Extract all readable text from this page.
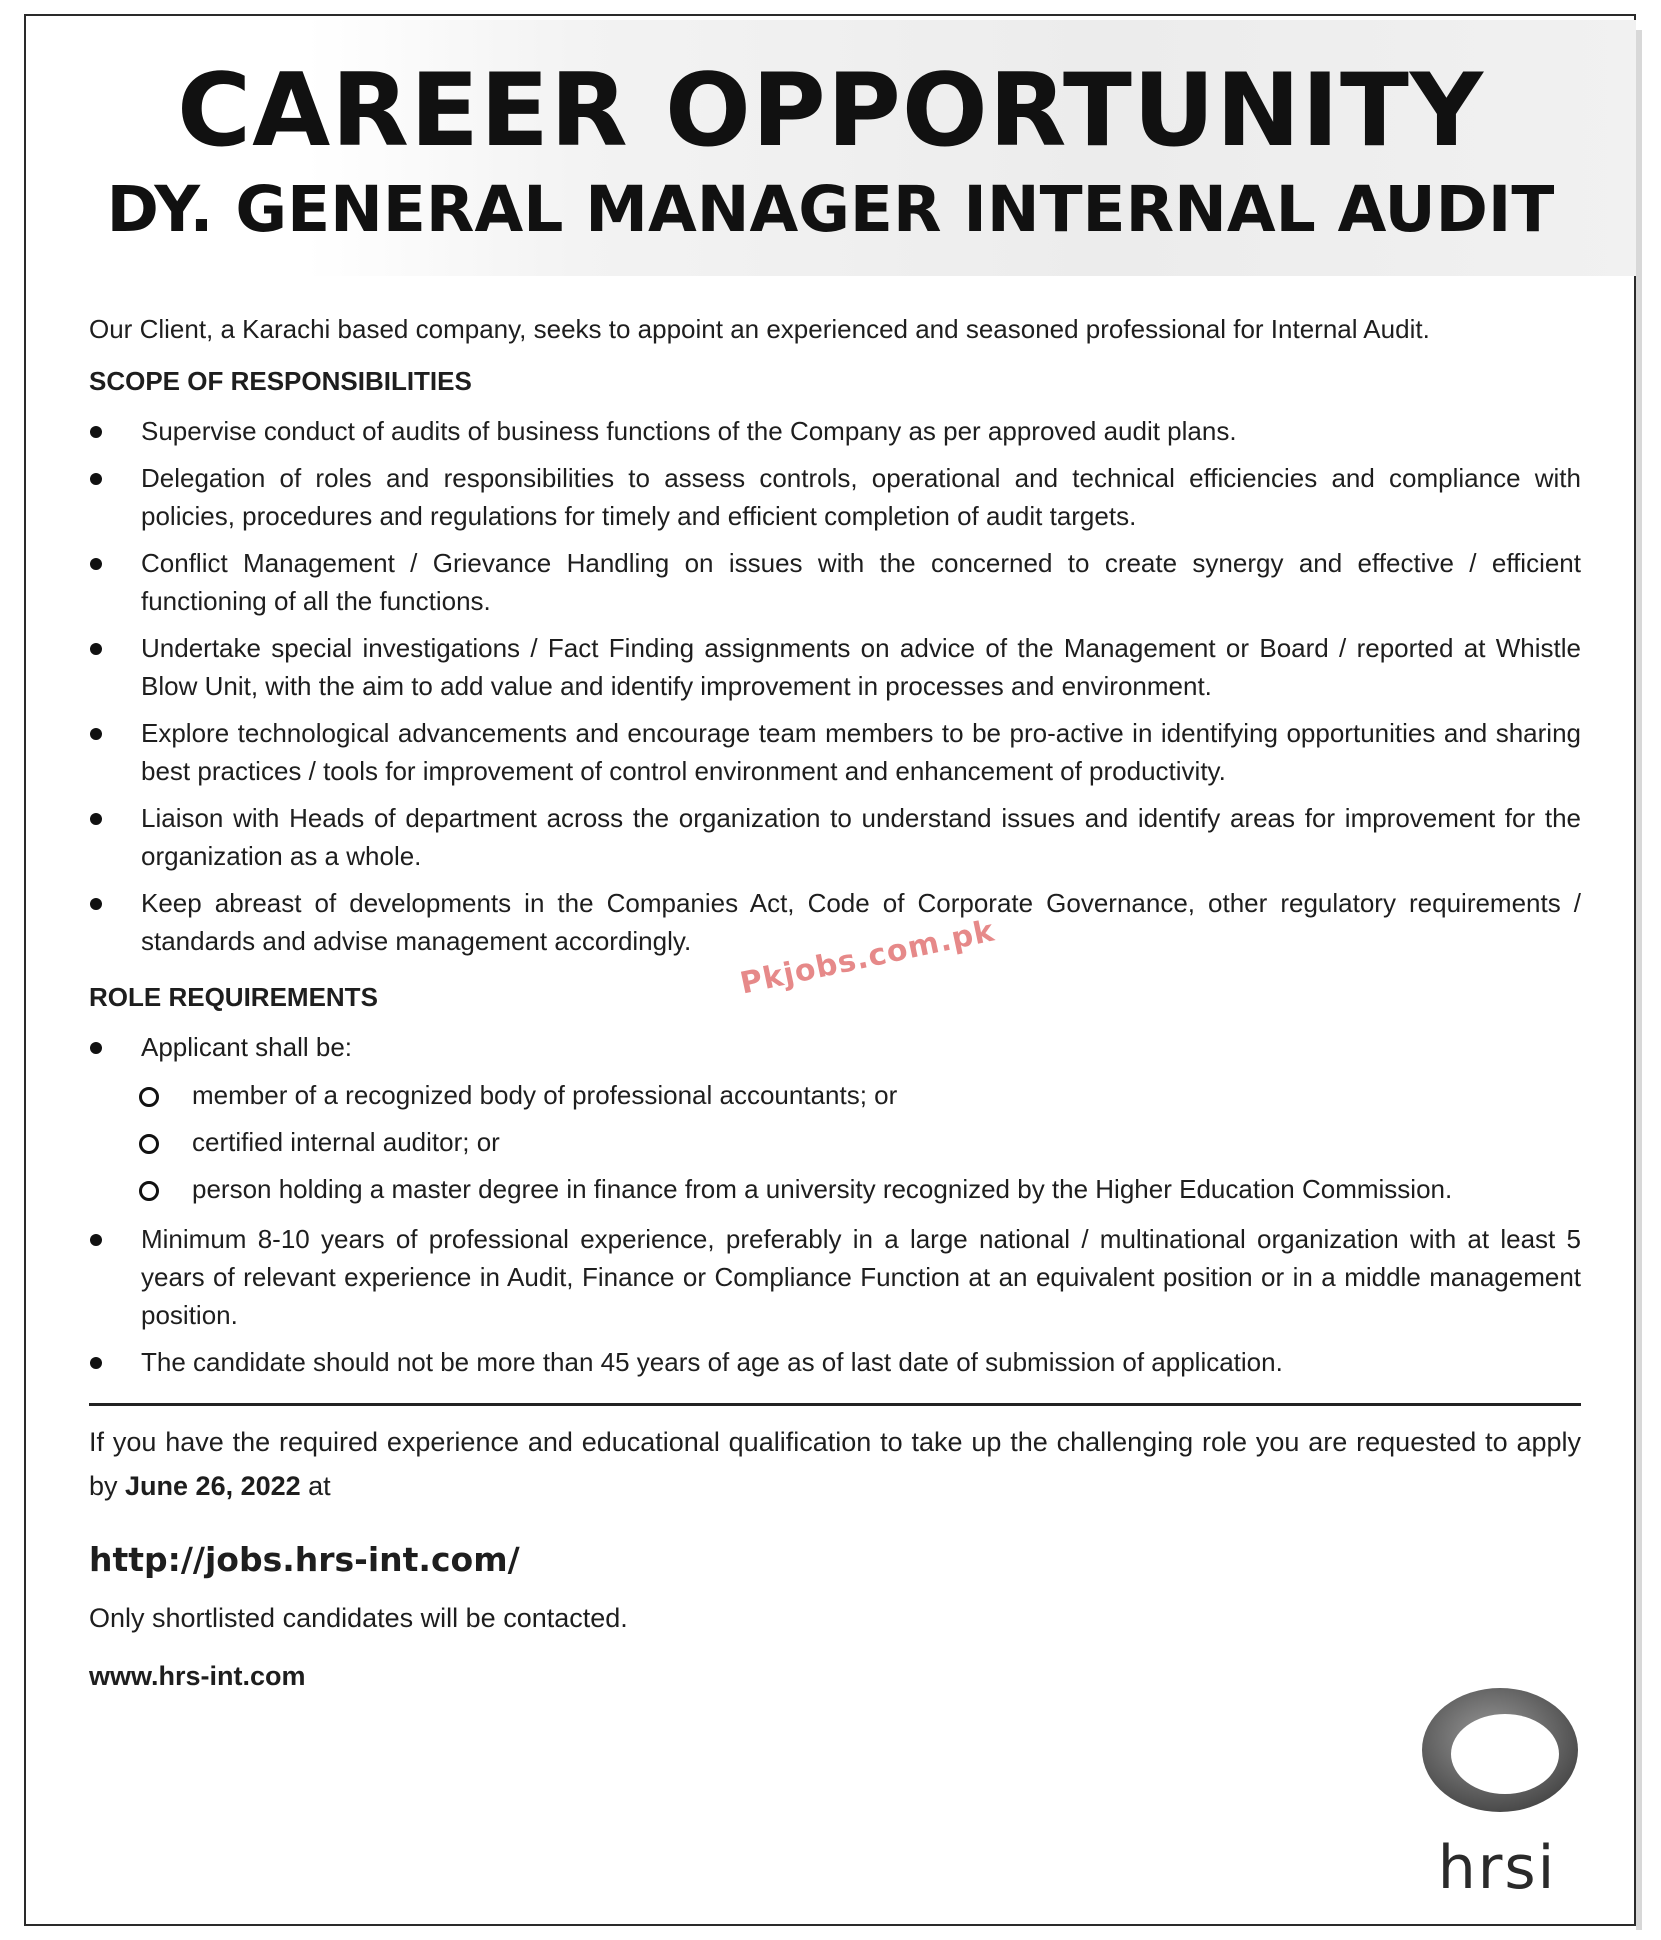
CAREER OPPORTUNITY
DY. GENERAL MANAGER INTERNAL AUDIT

Our Client, a Karachi based company, seeks to appoint an experienced and seasoned professional for Internal Audit.

SCOPE OF RESPONSIBILITIES
Supervise conduct of audits of business functions of the Company as per approved audit plans.
Delegation of roles and responsibilities to assess controls, operational and technical efficiencies and compliance with policies, procedures and regulations for timely and efficient completion of audit targets.
Conflict Management / Grievance Handling on issues with the concerned to create synergy and effective / efficient functioning of all the functions.
Undertake special investigations / Fact Finding assignments on advice of the Management or Board / reported at Whistle Blow Unit, with the aim to add value and identify improvement in processes and environment.
Explore technological advancements and encourage team members to be pro-active in identifying opportunities and sharing best practices / tools for improvement of control environment and enhancement of productivity.
Liaison with Heads of department across the organization to understand issues and identify areas for improvement for the organization as a whole.
Keep abreast of developments in the Companies Act, Code of Corporate Governance, other regulatory requirements / standards and advise management accordingly.
ROLE REQUIREMENTS
Applicant shall be:
member of a recognized body of professional accountants; or
certified internal auditor; or
person holding a master degree in finance from a university recognized by the Higher Education Commission.
Minimum 8-10 years of professional experience, preferably in a large national / multinational organization with at least 5 years of relevant experience in Audit, Finance or Compliance Function at an equivalent position or in a middle management position.
The candidate should not be more than 45 years of age as of last date of submission of application.

If you have the required experience and educational qualification to take up the challenging role you are requested to apply by June 26, 2022 at

http://jobs.hrs-int.com/
Only shortlisted candidates will be contacted.
www.hrs-int.com
Pkjobs.com.pk
hrsi
